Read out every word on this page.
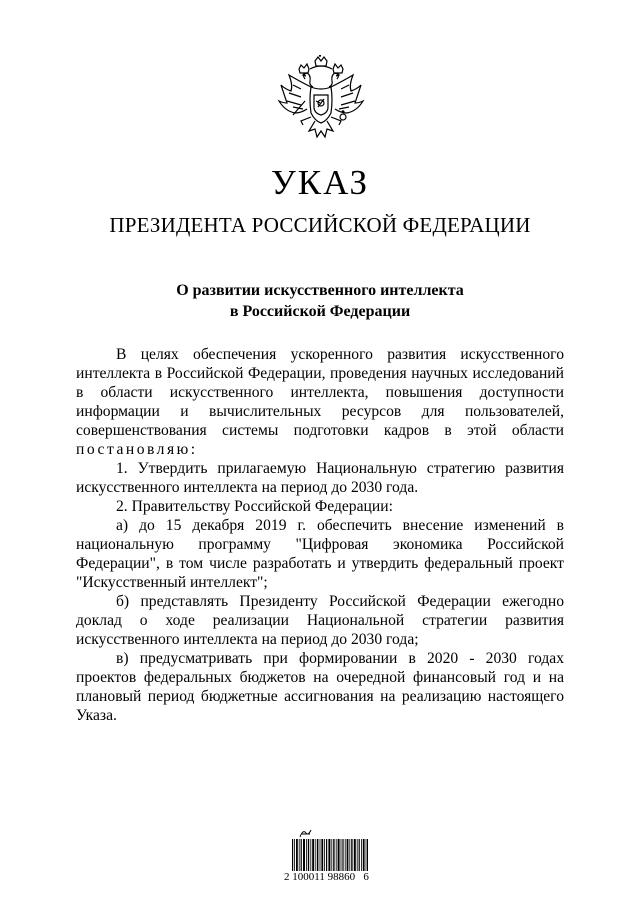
УКАЗ
ПРЕЗИДЕНТА РОССИЙСКОЙ ФЕДЕРАЦИИ
О развитии искусственного интеллекта
в Российской Федерации

В целях обеспечения ускоренного развития искусственного интеллекта в Российской Федерации, проведения научных исследований в области искусственного интеллекта, повышения доступности информации и вычислительных ресурсов для пользователей, совершенствования системы подготовки кадров в этой области постановляю:

1. Утвердить прилагаемую Национальную стратегию развития искусственного интеллекта на период до 2030 года.

2. Правительству Российской Федерации:

а) до 15 декабря 2019 г. обеспечить внесение изменений в национальную программу "Цифровая экономика Российской Федерации", в том числе разработать и утвердить федеральный проект "Искусственный интеллект";

б) представлять Президенту Российской Федерации ежегодно доклад о ходе реализации Национальной стратегии развития искусственного интеллекта на период до 2030 года;

в) предусматривать при формировании в 2020 - 2030 годах проектов федеральных бюджетов на очередной финансовый год и на плановый период бюджетные ассигнования на реализацию настоящего Указа.

2 100011 98860   6
